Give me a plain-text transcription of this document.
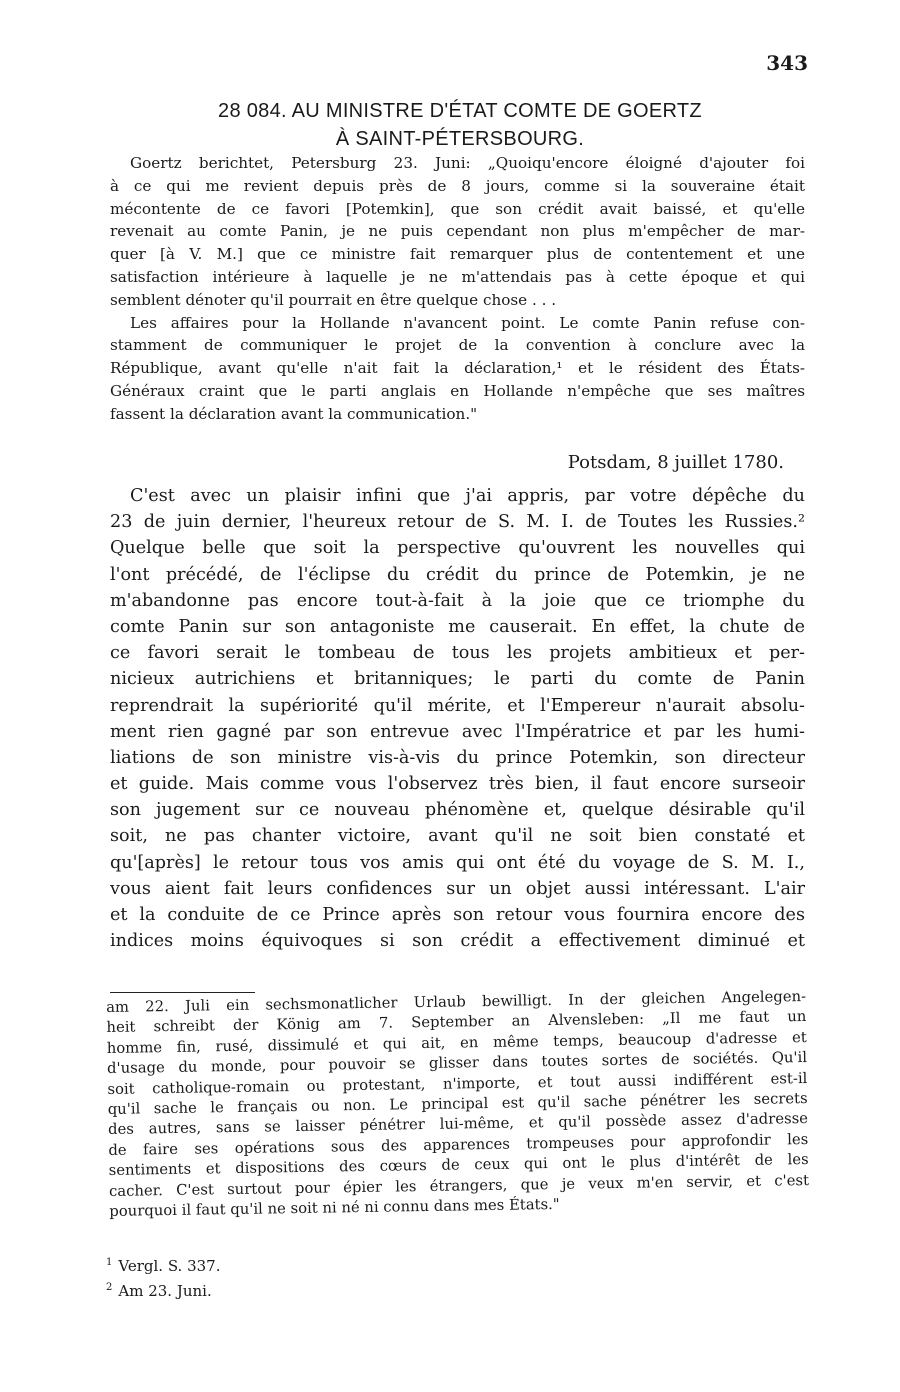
343
28 084. AU MINISTRE D'ÉTAT COMTE DE GOERTZ
À SAINT-PÉTERSBOURG.
Goertz berichtet, Petersburg 23. Juni: „Quoiqu'encore éloigné d'ajouter foi
à ce qui me revient depuis près de 8 jours, comme si la souveraine était
mécontente de ce favori [Potemkin], que son crédit avait baissé, et qu'elle
revenait au comte Panin, je ne puis cependant non plus m'empêcher de mar-
quer [à V. M.] que ce ministre fait remarquer plus de contentement et une
satisfaction intérieure à laquelle je ne m'attendais pas à cette époque et qui
semblent dénoter qu'il pourrait en être quelque chose . . .
Les affaires pour la Hollande n'avancent point. Le comte Panin refuse con-
stamment de communiquer le projet de la convention à conclure avec la
République, avant qu'elle n'ait fait la déclaration,¹ et le résident des États-
Généraux craint que le parti anglais en Hollande n'empêche que ses maîtres
fassent la déclaration avant la communication."
Potsdam, 8 juillet 1780.
C'est avec un plaisir infini que j'ai appris, par votre dépêche du
23 de juin dernier, l'heureux retour de S. M. I. de Toutes les Russies.²
Quelque belle que soit la perspective qu'ouvrent les nouvelles qui
l'ont précédé, de l'éclipse du crédit du prince de Potemkin, je ne
m'abandonne pas encore tout-à-fait à la joie que ce triomphe du
comte Panin sur son antagoniste me causerait. En effet, la chute de
ce favori serait le tombeau de tous les projets ambitieux et per-
nicieux autrichiens et britanniques; le parti du comte de Panin
reprendrait la supériorité qu'il mérite, et l'Empereur n'aurait absolu-
ment rien gagné par son entrevue avec l'Impératrice et par les humi-
liations de son ministre vis-à-vis du prince Potemkin, son directeur
et guide. Mais comme vous l'observez très bien, il faut encore surseoir
son jugement sur ce nouveau phénomène et, quelque désirable qu'il
soit, ne pas chanter victoire, avant qu'il ne soit bien constaté et
qu'[après] le retour tous vos amis qui ont été du voyage de S. M. I.,
vous aient fait leurs confidences sur un objet aussi intéressant. L'air
et la conduite de ce Prince après son retour vous fournira encore des
indices moins équivoques si son crédit a effectivement diminué et
am 22. Juli ein sechsmonatlicher Urlaub bewilligt. In der gleichen Angelegen-
heit schreibt der König am 7. September an Alvensleben: „Il me faut un
homme fin, rusé, dissimulé et qui ait, en même temps, beaucoup d'adresse et
d'usage du monde, pour pouvoir se glisser dans toutes sortes de sociétés. Qu'il
soit catholique-romain ou protestant, n'importe, et tout aussi indifférent est-il
qu'il sache le français ou non. Le principal est qu'il sache pénétrer les secrets
des autres, sans se laisser pénétrer lui-même, et qu'il possède assez d'adresse
de faire ses opérations sous des apparences trompeuses pour approfondir les
sentiments et dispositions des cœurs de ceux qui ont le plus d'intérêt de les
cacher. C'est surtout pour épier les étrangers, que je veux m'en servir, et c'est
pourquoi il faut qu'il ne soit ni né ni connu dans mes États."
$^1$ Vergl. S. 337.
$^2$ Am 23. Juni.
